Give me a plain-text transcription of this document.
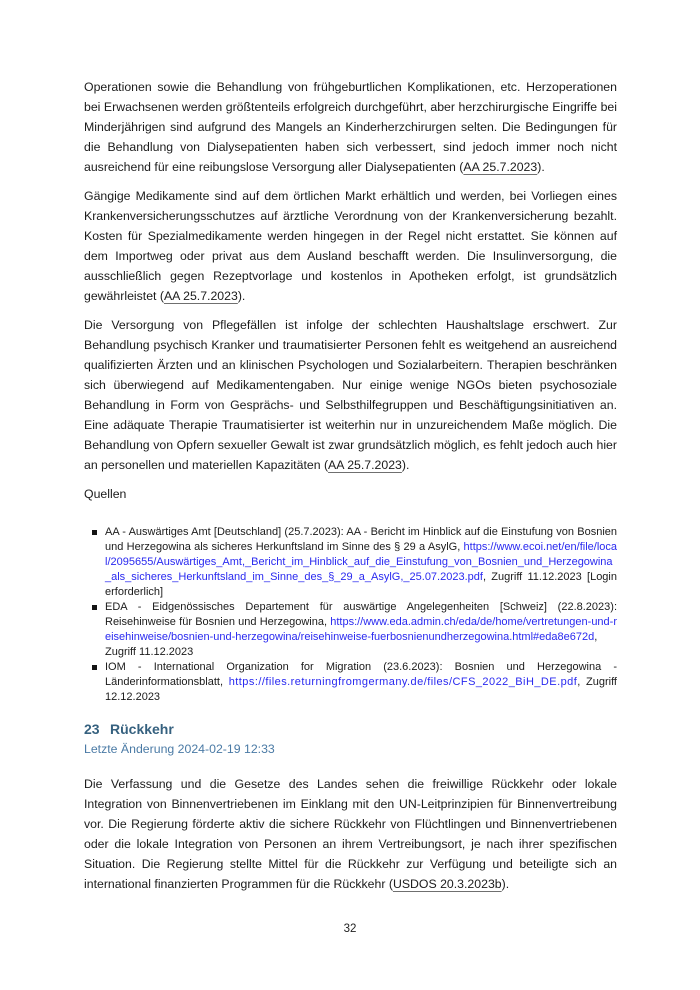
Operationen sowie die Behandlung von frühgeburtlichen Komplikationen, etc. Herzoperationen bei Erwachsenen werden größtenteils erfolgreich durchgeführt, aber herzchirurgische Eingriffe bei Minderjährigen sind aufgrund des Mangels an Kinderherzchirurgen selten. Die Bedingungen für die Behandlung von Dialysepatienten haben sich verbessert, sind jedoch immer noch nicht ausreichend für eine reibungslose Versorgung aller Dialysepatienten (AA 25.7.2023).

Gängige Medikamente sind auf dem örtlichen Markt erhältlich und werden, bei Vorliegen eines Krankenversicherungsschutzes auf ärztliche Verordnung von der Krankenversicherung bezahlt. Kosten für Spezialmedikamente werden hingegen in der Regel nicht erstattet. Sie können auf dem Importweg oder privat aus dem Ausland beschafft werden. Die Insulinversorgung, die ausschließlich gegen Rezeptvorlage und kostenlos in Apotheken erfolgt, ist grundsätzlich gewährleistet (AA 25.7.2023).

Die Versorgung von Pflegefällen ist infolge der schlechten Haushaltslage erschwert. Zur Behandlung psychisch Kranker und traumatisierter Personen fehlt es weitgehend an ausreichend qualifizierten Ärzten und an klinischen Psychologen und Sozialarbeitern. Therapien beschränken sich überwiegend auf Medikamentengaben. Nur einige wenige NGOs bieten psychosoziale Behandlung in Form von Gesprächs- und Selbsthilfegruppen und Beschäftigungsinitiativen an. Eine adäquate Therapie Traumatisierter ist weiterhin nur in unzureichendem Maße möglich. Die Behandlung von Opfern sexueller Gewalt ist zwar grundsätzlich möglich, es fehlt jedoch auch hier an personellen und materiellen Kapazitäten (AA 25.7.2023).

Quellen

AA - Auswärtiges Amt [Deutschland] (25.7.2023): AA - Bericht im Hinblick auf die Einstufung von Bosnien und Herzegowina als sicheres Herkunftsland im Sinne des § 29 a AsylG, https://www.ecoi.net/en/file/local/2095655/Auswärtiges_Amt,_Bericht_im_Hinblick_auf_die_Einstufung_von_Bosnien_und_Herzegowina_als_sicheres_Herkunftsland_im_Sinne_des_§_29_a_AsylG,_25.07.2023.pdf, Zugriff 11.12.2023 [Login erforderlich]
EDA - Eidgenössisches Departement für auswärtige Angelegenheiten [Schweiz] (22.8.2023): Reisehinweise für Bosnien und Herzegowina, https://www.eda.admin.ch/eda/de/home/vertretungen-und-reisehinweise/bosnien-und-herzegowina/reisehinweise-fuerbosnienundherzegowina.html#eda8e672d, Zugriff 11.12.2023
IOM - International Organization for Migration (23.6.2023): Bosnien und Herzegowina - Länderinformationsblatt, https://files.returningfromgermany.de/files/CFS_2022_BiH_DE.pdf, Zugriff 12.12.2023
23 Rückkehr

Letzte Änderung 2024-02-19 12:33

Die Verfassung und die Gesetze des Landes sehen die freiwillige Rückkehr oder lokale Integration von Binnenvertriebenen im Einklang mit den UN-Leitprinzipien für Binnenvertreibung vor. Die Regierung förderte aktiv die sichere Rückkehr von Flüchtlingen und Binnenvertriebenen oder die lokale Integration von Personen an ihrem Vertreibungsort, je nach ihrer spezifischen Situation. Die Regierung stellte Mittel für die Rückkehr zur Verfügung und beteiligte sich an international finanzierten Programmen für die Rückkehr (USDOS 20.3.2023b).

32
